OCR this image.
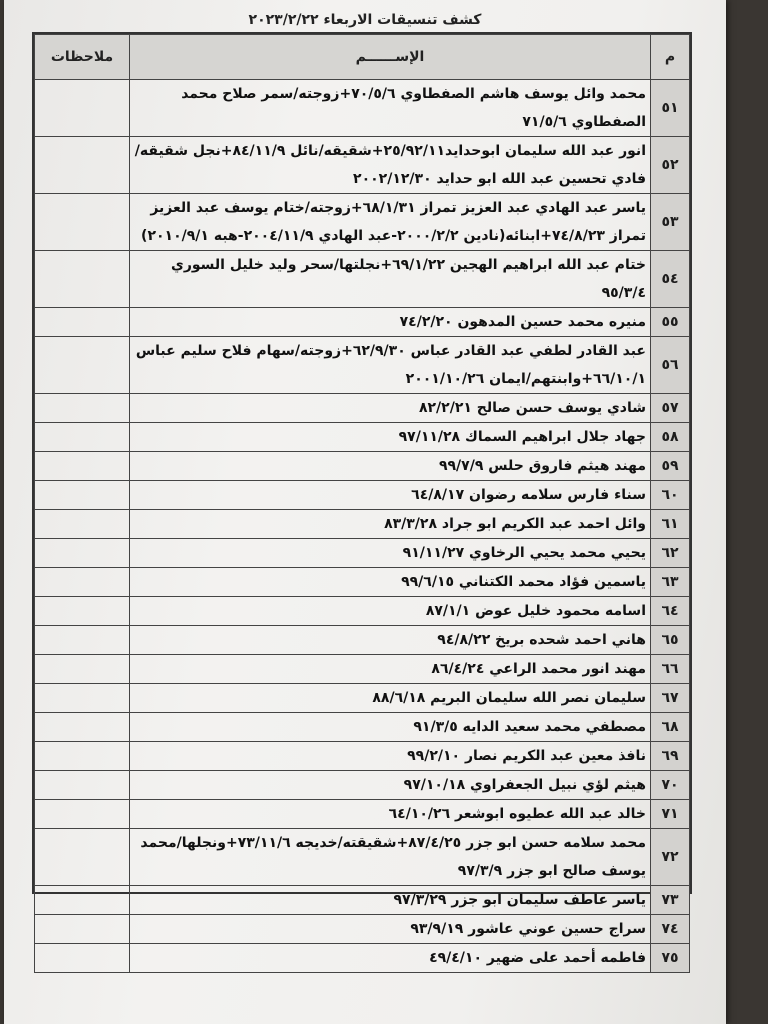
كشف تنسيقات الاربعاء ٢٠٢٣/٢/٢٢
م	الإســــــم	ملاحظات
٥١	محمد وائل يوسف هاشم الصفطاوي ٧٠/٥/٦+زوجته/سمر صلاح محمد الصفطاوي ٧١/٥/٦	
٥٢	انور عبد الله سليمان ابوحدايد٢٥/٩٢/١١+شقيقه/نائل ٨٤/١١/٩+نجل شقيقه/فادي تحسين عبد الله ابو حدايد ٢٠٠٢/١٢/٣٠	
٥٣	ياسر عبد الهادي عبد العزيز تمراز ٦٨/١/٣١+زوجته/ختام يوسف عبد العزيز تمراز ٧٤/٨/٢٣+ابنائه(نادين ٢٠٠٠/٢/٢-عبد الهادي ٢٠٠٤/١١/٩-هبه ٢٠١٠/٩/١)	
٥٤	ختام عبد الله ابراهيم الهجين ٦٩/١/٢٢+نجلتها/سحر وليد خليل السوري ٩٥/٣/٤	
٥٥	منيره محمد حسين المدهون ٧٤/٢/٢٠	
٥٦	عبد القادر لطفي عبد القادر عباس ٦٢/٩/٣٠+زوجته/سهام فلاح سليم عباس ٦٦/١٠/١+وابنتهم/ايمان ٢٠٠١/١٠/٢٦	
٥٧	شادي يوسف حسن صالح ٨٢/٢/٢١	
٥٨	جهاد جلال ابراهيم السماك ٩٧/١١/٢٨	
٥٩	مهند هيثم فاروق حلس ٩٩/٧/٩	
٦٠	سناء فارس سلامه رضوان ٦٤/٨/١٧	
٦١	وائل احمد عبد الكريم ابو جراد ٨٣/٣/٢٨	
٦٢	يحيي محمد يحيي الرخاوي ٩١/١١/٢٧	
٦٣	ياسمين فؤاد محمد الكتناني ٩٩/٦/١٥	
٦٤	اسامه محمود خليل عوض ٨٧/١/١	
٦٥	هاني احمد شحده بريخ ٩٤/٨/٢٢	
٦٦	مهند انور محمد الراعي ٨٦/٤/٢٤	
٦٧	سليمان نصر الله سليمان البريم ٨٨/٦/١٨	
٦٨	مصطفي محمد سعيد الدايه ٩١/٣/٥	
٦٩	نافذ معين عبد الكريم نصار ٩٩/٢/١٠	
٧٠	هيثم لؤي نبيل الجعفراوي ٩٧/١٠/١٨	
٧١	خالد عبد الله عطيوه ابوشعر ٦٤/١٠/٢٦	
٧٢	محمد سلامه حسن ابو جزر ٨٧/٤/٢٥+شقيقته/خديجه ٧٣/١١/٦+ونجلها/محمد يوسف صالح ابو جزر ٩٧/٣/٩	
٧٣	ياسر عاطف سليمان ابو جزر ٩٧/٣/٢٩	
٧٤	سراج حسين عوني عاشور ٩٣/٩/١٩	
٧٥	فاطمه أحمد على ضهير ٤٩/٤/١٠	
